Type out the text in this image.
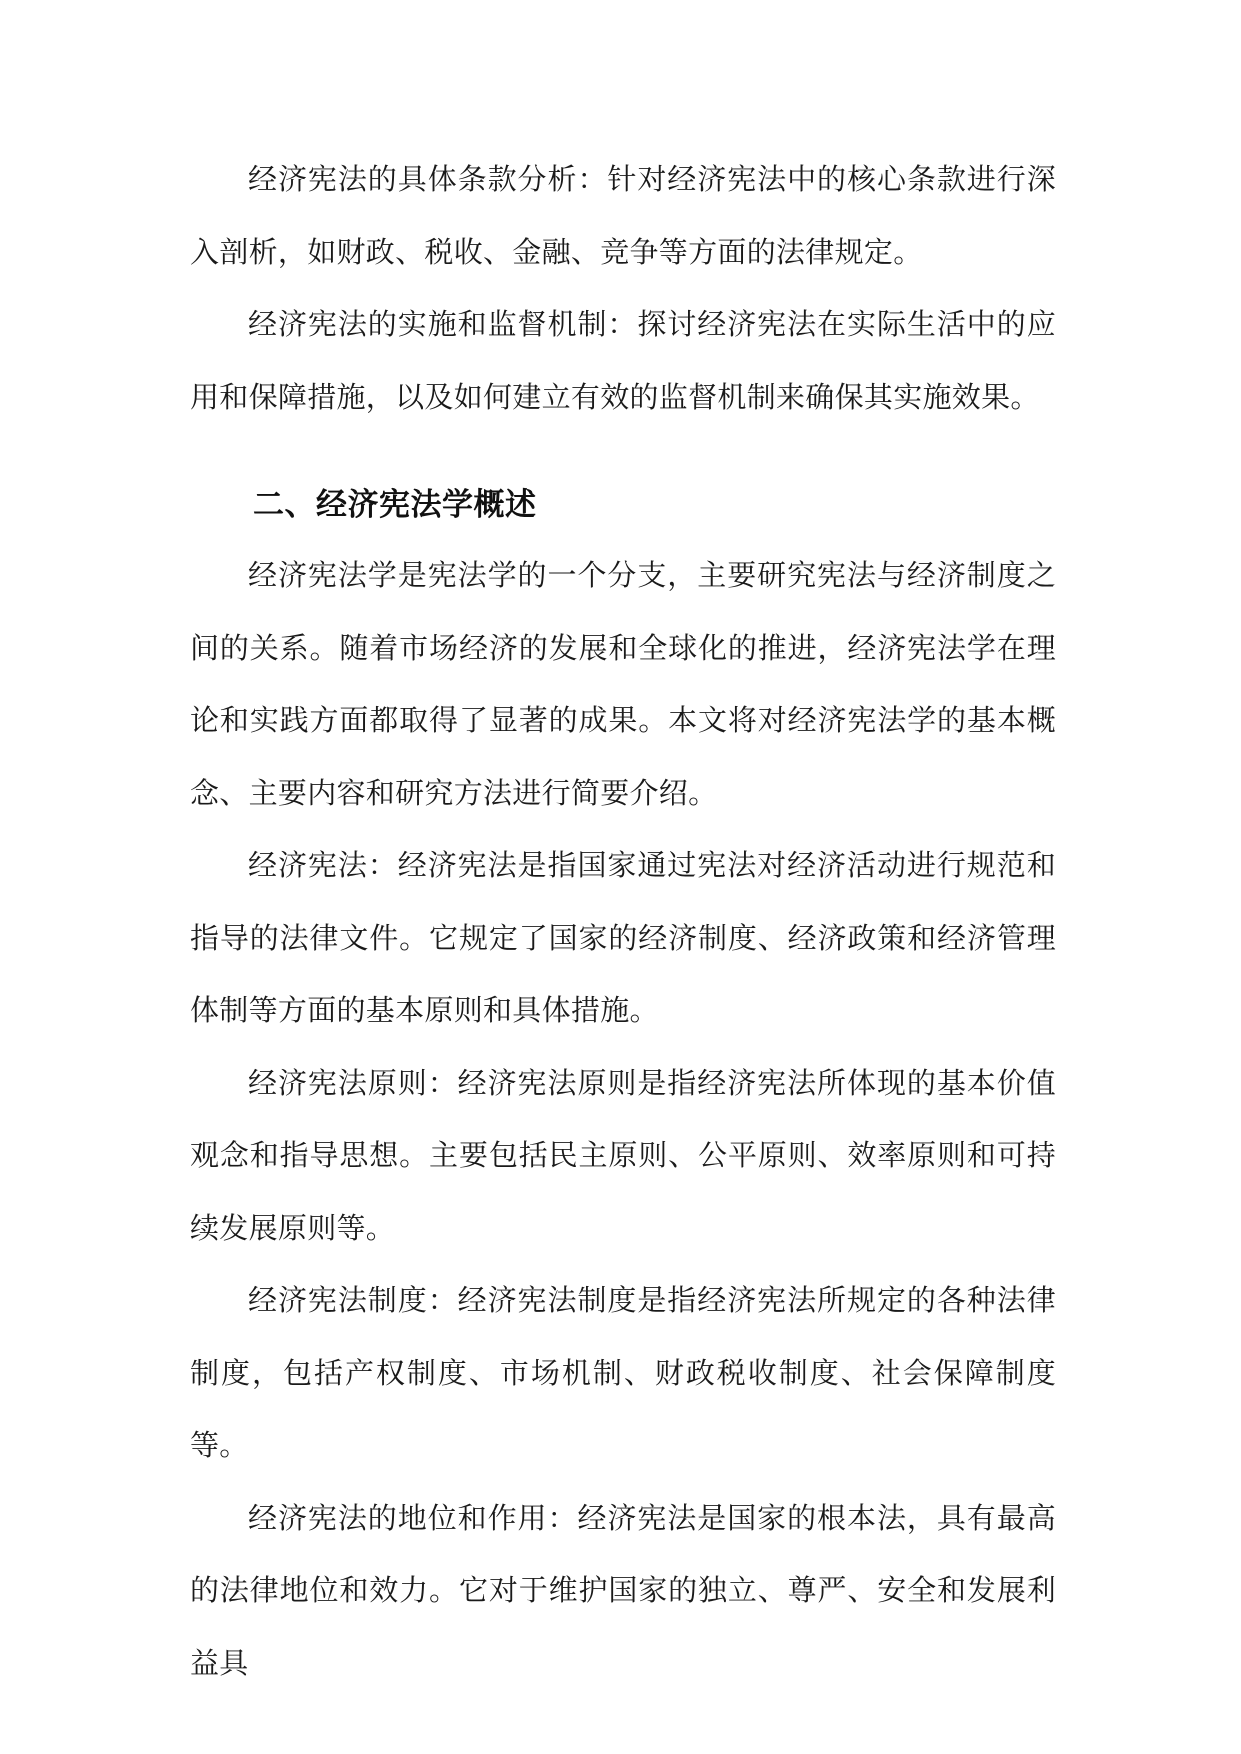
经济宪法的具体条款分析：针对经济宪法中的核心条款进行深入剖析，如财政、税收、金融、竞争等方面的法律规定。

经济宪法的实施和监督机制：探讨经济宪法在实际生活中的应用和保障措施，以及如何建立有效的监督机制来确保其实施效果。

二、经济宪法学概述

经济宪法学是宪法学的一个分支，主要研究宪法与经济制度之间的关系。随着市场经济的发展和全球化的推进，经济宪法学在理论和实践方面都取得了显著的成果。本文将对经济宪法学的基本概念、主要内容和研究方法进行简要介绍。

经济宪法：经济宪法是指国家通过宪法对经济活动进行规范和指导的法律文件。它规定了国家的经济制度、经济政策和经济管理体制等方面的基本原则和具体措施。

经济宪法原则：经济宪法原则是指经济宪法所体现的基本价值观念和指导思想。主要包括民主原则、公平原则、效率原则和可持续发展原则等。

经济宪法制度：经济宪法制度是指经济宪法所规定的各种法律制度，包括产权制度、市场机制、财政税收制度、社会保障制度等。

经济宪法的地位和作用：经济宪法是国家的根本法，具有最高的法律地位和效力。它对于维护国家的独立、尊严、安全和发展利益具
